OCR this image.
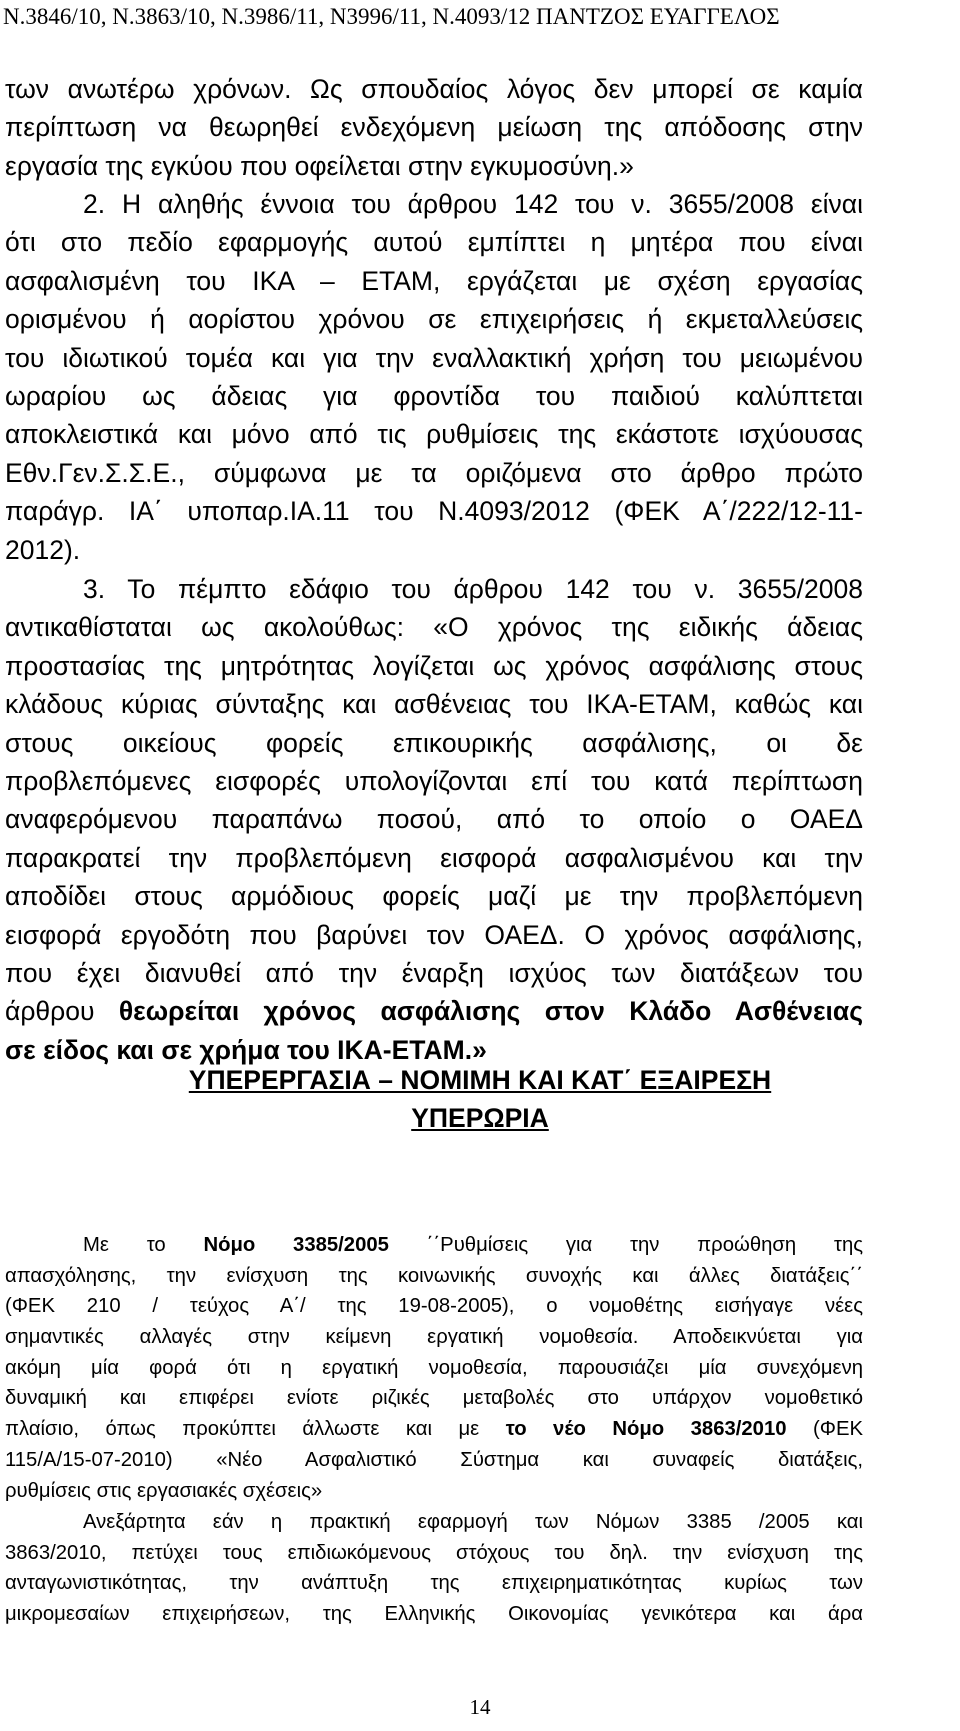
Ν.3846/10, Ν.3863/10, Ν.3986/11, Ν3996/11, Ν.4093/12 ΠΑΝΤΖΟΣ ΕΥΑΓΓΕΛΟΣ
των ανωτέρω χρόνων. Ως σπουδαίος λόγος δεν μπορεί σε καμία
περίπτωση να θεωρηθεί ενδεχόμενη μείωση της απόδοσης στην
εργασία της εγκύου που οφείλεται στην εγκυμοσύνη.»
2. Η αληθής έννοια του άρθρου 142 του ν. 3655/2008 είναι
ότι στο πεδίο εφαρμογής αυτού εμπίπτει η μητέρα που είναι
ασφαλισμένη του ΙΚΑ – ΕΤΑΜ, εργάζεται με σχέση εργασίας
ορισμένου ή αορίστου χρόνου σε επιχειρήσεις ή εκμεταλλεύσεις
του ιδιωτικού τομέα και για την εναλλακτική χρήση του μειωμένου
ωραρίου ως άδειας για φροντίδα του παιδιού καλύπτεται
αποκλειστικά και μόνο από τις ρυθμίσεις της εκάστοτε ισχύουσας
Εθν.Γεν.Σ.Σ.Ε., σύμφωνα με τα οριζόμενα στο άρθρο πρώτο
παράγρ. ΙΑ΄ υποπαρ.ΙΑ.11 του Ν.4093/2012 (ΦΕΚ Α΄/222/12-11-
2012).
3. Το πέμπτο εδάφιο του άρθρου 142 του ν. 3655/2008
αντικαθίσταται ως ακολούθως: «Ο χρόνος της ειδικής άδειας
προστασίας της μητρότητας λογίζεται ως χρόνος ασφάλισης στους
κλάδους κύριας σύνταξης και ασθένειας του ΙΚΑ-ΕΤΑΜ, καθώς και
στους οικείους φορείς επικουρικής ασφάλισης, οι δε
προβλεπόμενες εισφορές υπολογίζονται επί του κατά περίπτωση
αναφερόμενου παραπάνω ποσού, από το οποίο ο ΟΑΕΔ
παρακρατεί την προβλεπόμενη εισφορά ασφαλισμένου και την
αποδίδει στους αρμόδιους φορείς μαζί με την προβλεπόμενη
εισφορά εργοδότη που βαρύνει τον ΟΑΕΔ. Ο χρόνος ασφάλισης,
που έχει διανυθεί από την έναρξη ισχύος των διατάξεων του
άρθρου θεωρείται χρόνος ασφάλισης στον Κλάδο Ασθένειας
σε είδος και σε χρήμα του ΙΚΑ-ΕΤΑΜ.»
ΥΠΕΡΕΡΓΑΣΙΑ – ΝΟΜΙΜΗ ΚΑΙ ΚΑΤ΄ ΕΞΑΙΡΕΣΗ
ΥΠΕΡΩΡΙΑ
Με το Νόμο 3385/2005 ΄΄Ρυθμίσεις για την προώθηση της
απασχόλησης, την ενίσχυση της κοινωνικής συνοχής και άλλες διατάξεις΄΄
(ΦΕΚ 210 / τεύχος Α΄/ της 19-08-2005), ο νομοθέτης εισήγαγε νέες
σημαντικές αλλαγές στην κείμενη εργατική νομοθεσία. Αποδεικνύεται για
ακόμη μία φορά ότι η εργατική νομοθεσία, παρουσιάζει μία συνεχόμενη
δυναμική και επιφέρει ενίοτε ριζικές μεταβολές στο υπάρχον νομοθετικό
πλαίσιο, όπως προκύπτει άλλωστε και με το νέο Νόμο 3863/2010 (ΦΕΚ
115/Α/15-07-2010) «Νέο Ασφαλιστικό Σύστημα και συναφείς διατάξεις,
ρυθμίσεις στις εργασιακές σχέσεις»
Ανεξάρτητα εάν η πρακτική εφαρμογή των Νόμων 3385 /2005 και
3863/2010, πετύχει τους επιδιωκόμενους στόχους του δηλ. την ενίσχυση της
ανταγωνιστικότητας, την ανάπτυξη της επιχειρηματικότητας κυρίως των
μικρομεσαίων επιχειρήσεων, της Ελληνικής Οικονομίας γενικότερα και άρα
14
